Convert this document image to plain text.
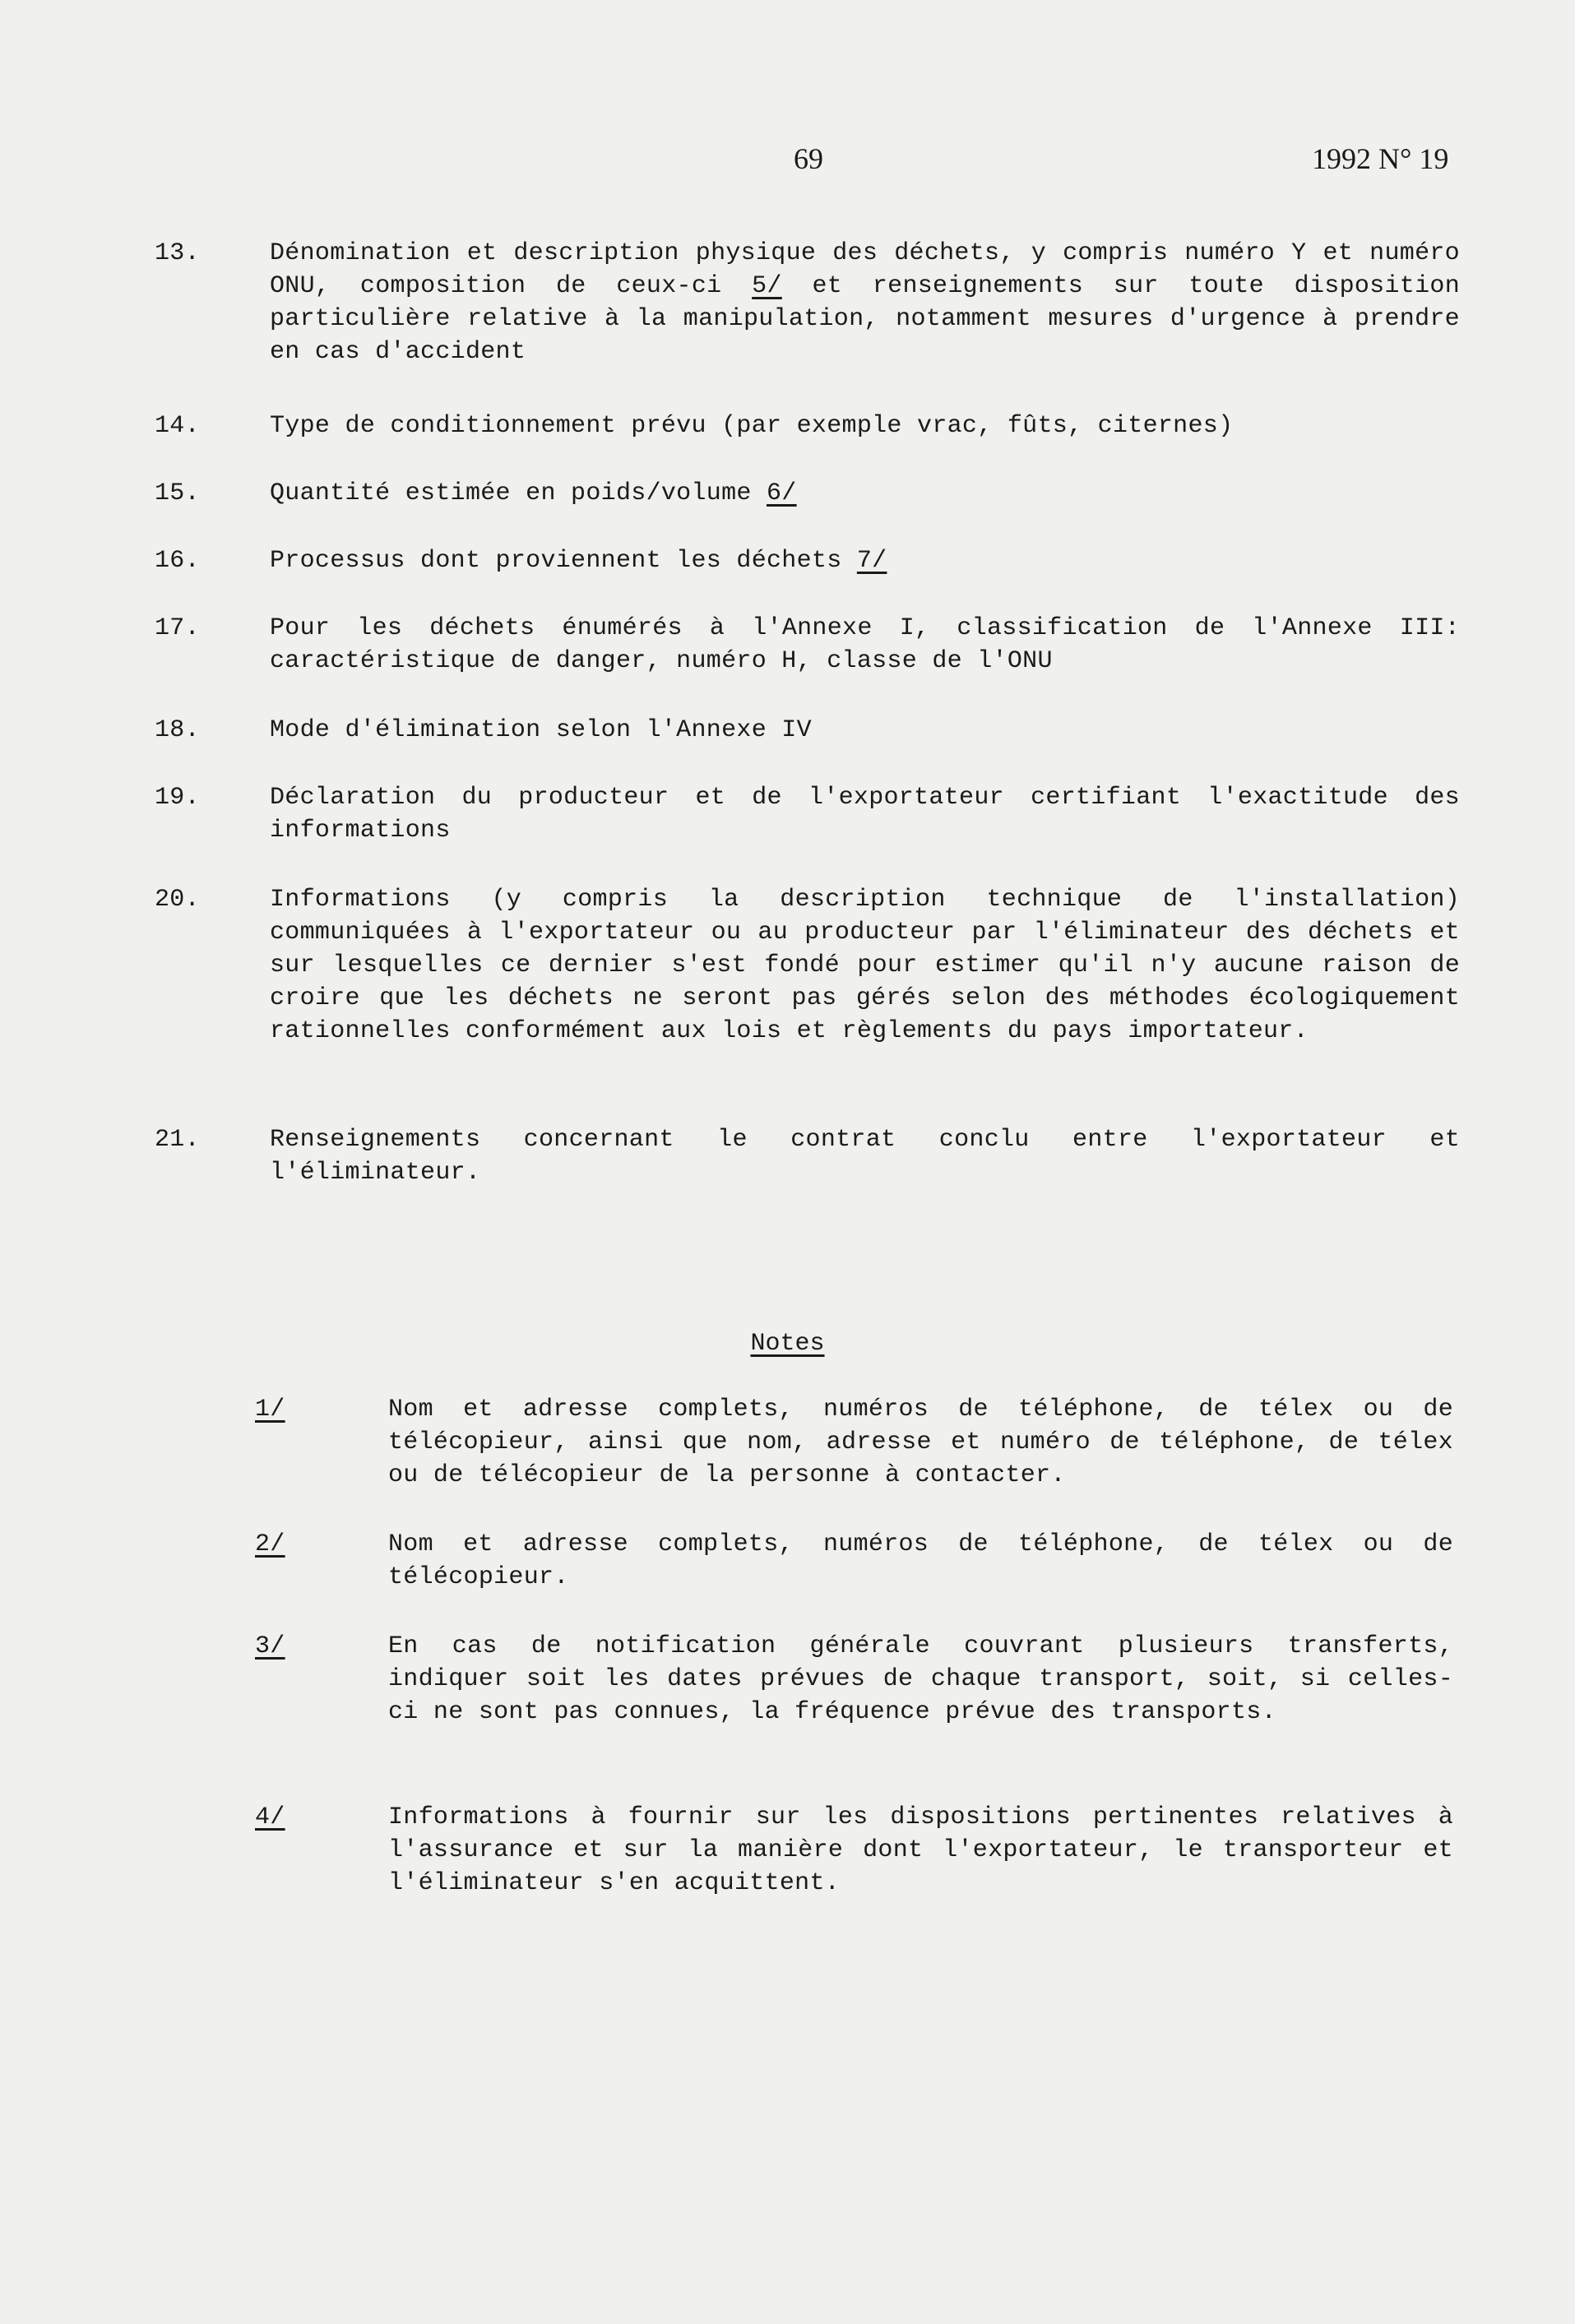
69	1992 N° 19
13.	Dénomination et description physique des déchets, y compris numéro Y et numéro ONU, composition de ceux-ci 5/ et renseignements sur toute disposition particulière relative à la manipulation, notamment mesures d'urgence à prendre en cas d'accident
14.	Type de conditionnement prévu (par exemple vrac, fûts, citernes)
15.	Quantité estimée en poids/volume 6/
16.	Processus dont proviennent les déchets 7/
17.	Pour les déchets énumérés à l'Annexe I, classification de l'Annexe III: caractéristique de danger, numéro H, classe de l'ONU
18.	Mode d'élimination selon l'Annexe IV
19.	Déclaration du producteur et de l'exportateur certifiant l'exactitude des informations
20.	Informations (y compris la description technique de l'installation) communiquées à l'exportateur ou au producteur par l'éliminateur des déchets et sur lesquelles ce dernier s'est fondé pour estimer qu'il n'y aucune raison de croire que les déchets ne seront pas gérés selon des méthodes écologiquement rationnelles conformément aux lois et règlements du pays importateur.
21.	Renseignements concernant le contrat conclu entre l'exportateur et l'éliminateur.
Notes
1/	Nom et adresse complets, numéros de téléphone, de télex ou de télécopieur, ainsi que nom, adresse et numéro de téléphone, de télex ou de télécopieur de la personne à contacter.
2/	Nom et adresse complets, numéros de téléphone, de télex ou de télécopieur.
3/	En cas de notification générale couvrant plusieurs transferts, indiquer soit les dates prévues de chaque transport, soit, si celles-ci ne sont pas connues, la fréquence prévue des transports.
4/	Informations à fournir sur les dispositions pertinentes relatives à l'assurance et sur la manière dont l'exportateur, le transporteur et l'éliminateur s'en acquittent.
